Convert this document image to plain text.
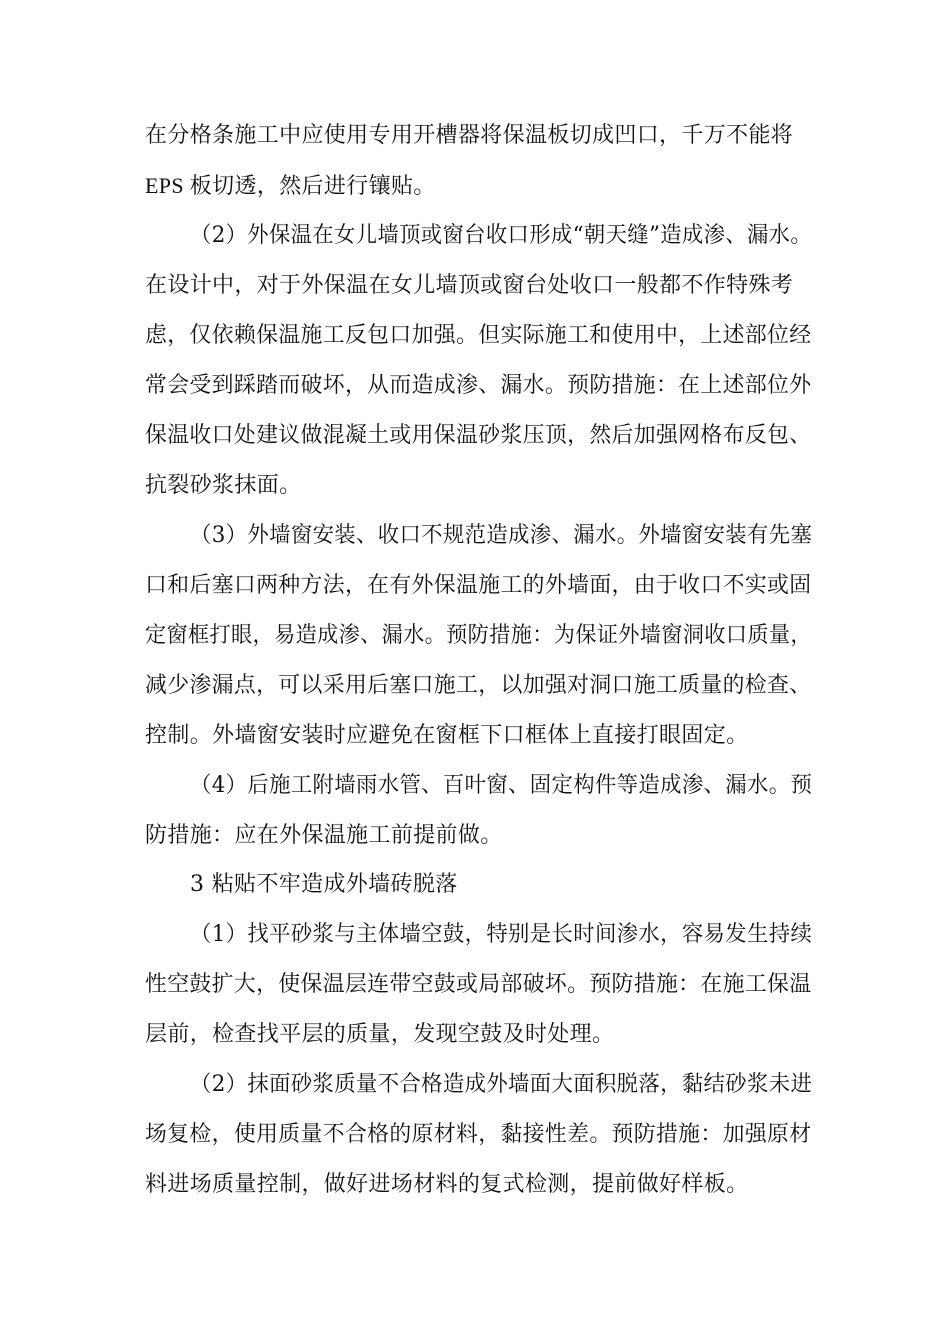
在分格条施工中应使用专用开槽器将保温板切成凹口，千万不能将

EPS 板切透，然后进行镶贴。

（2）外保温在女儿墙顶或窗台收口形成“朝天缝”造成渗、漏水。

在设计中，对于外保温在女儿墙顶或窗台处收口一般都不作特殊考

虑，仅依赖保温施工反包口加强。但实际施工和使用中，上述部位经

常会受到踩踏而破坏，从而造成渗、漏水。预防措施：在上述部位外

保温收口处建议做混凝土或用保温砂浆压顶，然后加强网格布反包、

抗裂砂浆抹面。

（3）外墙窗安装、收口不规范造成渗、漏水。外墙窗安装有先塞

口和后塞口两种方法，在有外保温施工的外墙面，由于收口不实或固

定窗框打眼，易造成渗、漏水。预防措施：为保证外墙窗洞收口质量，

减少渗漏点，可以采用后塞口施工，以加强对洞口施工质量的检查、

控制。外墙窗安装时应避免在窗框下口框体上直接打眼固定。

（4）后施工附墙雨水管、百叶窗、固定构件等造成渗、漏水。预

防措施：应在外保温施工前提前做。

3 粘贴不牢造成外墙砖脱落

（1）找平砂浆与主体墙空鼓，特别是长时间渗水，容易发生持续

性空鼓扩大，使保温层连带空鼓或局部破坏。预防措施：在施工保温

层前，检查找平层的质量，发现空鼓及时处理。

（2）抹面砂浆质量不合格造成外墙面大面积脱落，黏结砂浆未进

场复检，使用质量不合格的原材料，黏接性差。预防措施：加强原材

料进场质量控制，做好进场材料的复式检测，提前做好样板。
